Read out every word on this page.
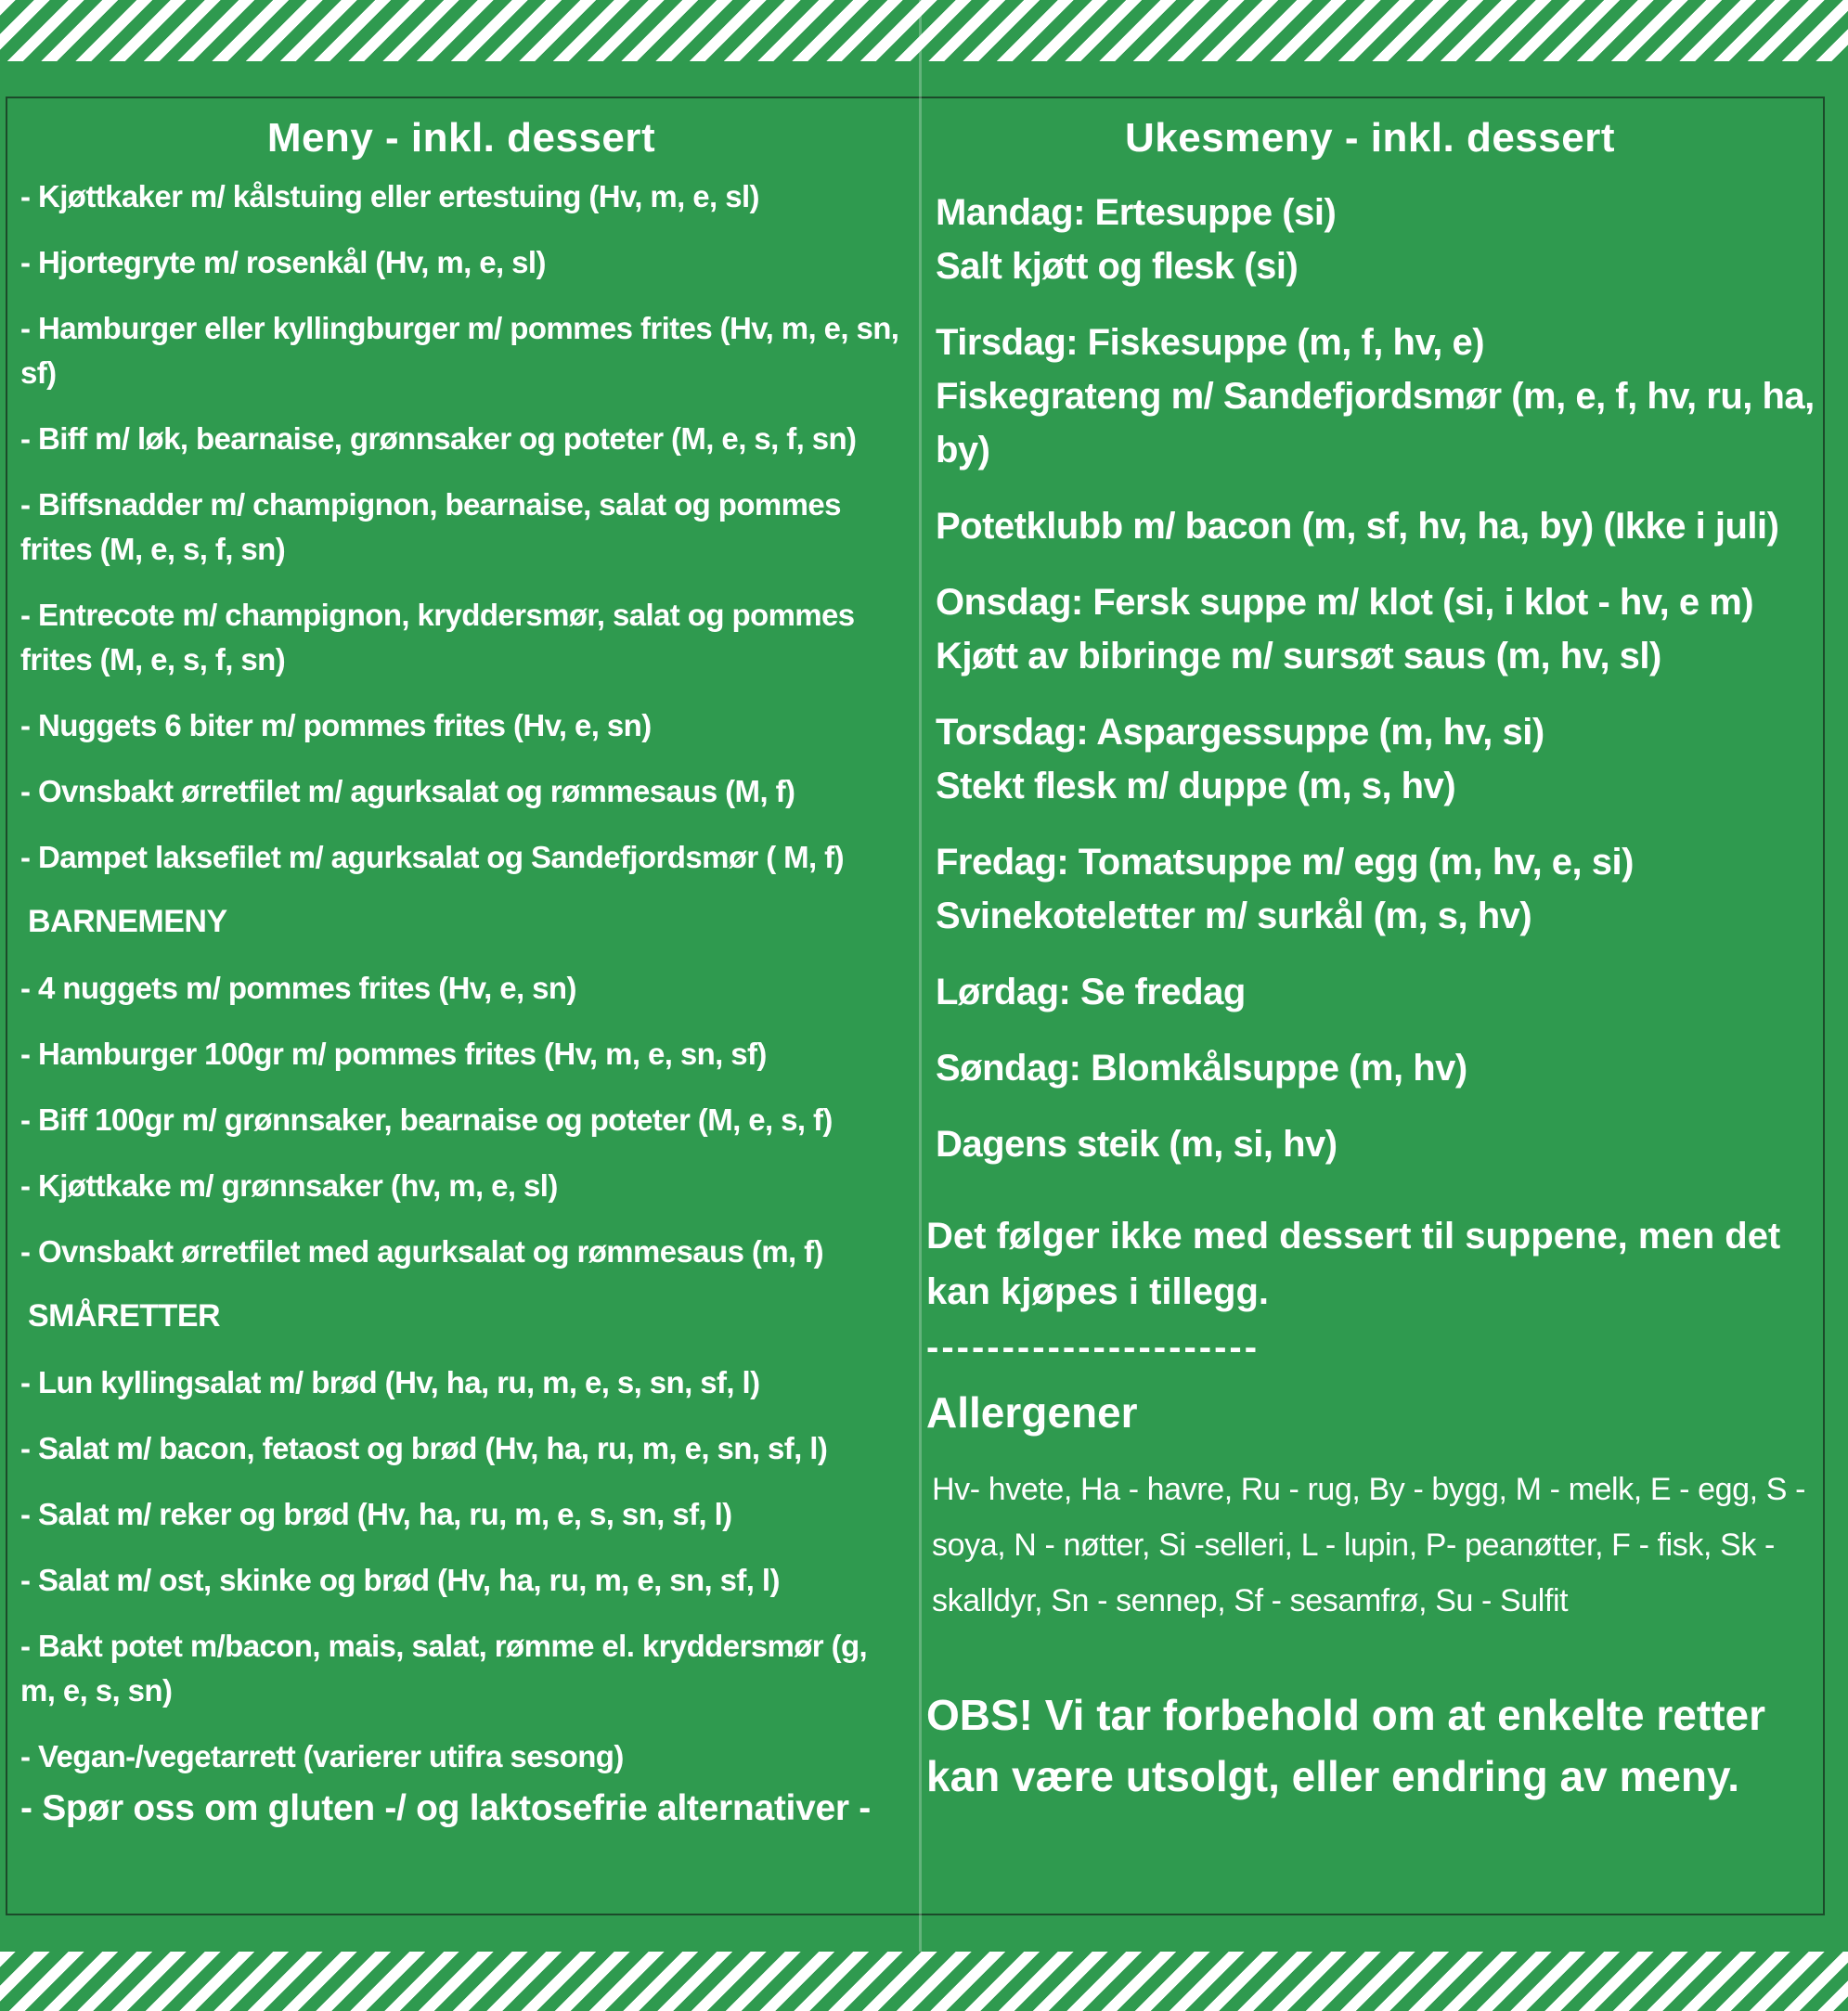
Meny - inkl. dessert
- Kjøttkaker m/ kålstuing eller ertestuing (Hv, m, e, sl)
- Hjortegryte m/ rosenkål (Hv, m, e, sl)
- Hamburger eller kyllingburger m/ pommes frites (Hv, m, e, sn, sf)
- Biff m/ løk, bearnaise, grønnsaker og poteter (M, e, s, f, sn)
- Biffsnadder m/ champignon, bearnaise, salat og pommes frites (M, e, s, f, sn)
- Entrecote m/ champignon, kryddersmør, salat og pommes frites (M, e, s, f, sn)
- Nuggets 6 biter m/ pommes frites (Hv, e, sn)
- Ovnsbakt ørretfilet m/ agurksalat og rømmesaus (M, f)
- Dampet laksefilet m/ agurksalat og Sandefjordsmør ( M, f)
BARNEMENY
- 4 nuggets m/ pommes frites (Hv, e, sn)
- Hamburger 100gr m/ pommes frites (Hv, m, e, sn, sf)
- Biff 100gr m/ grønnsaker, bearnaise og poteter (M, e, s, f)
- Kjøttkake m/ grønnsaker (hv, m, e, sl)
- Ovnsbakt ørretfilet med agurksalat og rømmesaus (m, f)
SMÅRETTER
- Lun kyllingsalat m/ brød (Hv, ha, ru, m, e, s, sn, sf, l)
- Salat m/ bacon, fetaost og brød (Hv, ha, ru, m, e, sn, sf, l)
- Salat m/ reker og brød (Hv, ha, ru, m, e, s, sn, sf, l)
- Salat m/ ost, skinke og brød (Hv, ha, ru, m, e, sn, sf, l)
- Bakt potet m/bacon, mais, salat, rømme el. kryddersmør (g, m, e, s, sn)
- Vegan-/vegetarrett (varierer utifra sesong)
- Spør oss om gluten -/ og laktosefrie alternativer -
Ukesmeny - inkl. dessert
Mandag: Ertesuppe (si)
Salt kjøtt og flesk (si)
Tirsdag: Fiskesuppe (m, f, hv, e)
Fiskegrateng m/ Sandefjordsmør (m, e, f, hv, ru, ha, by)
Potetklubb m/ bacon (m, sf, hv, ha, by) (Ikke i juli)
Onsdag: Fersk suppe m/ klot (si, i klot - hv, e m)
Kjøtt av bibringe m/ sursøt saus (m, hv, sl)
Torsdag: Aspargessuppe (m, hv, si)
Stekt flesk m/ duppe (m, s, hv)
Fredag: Tomatsuppe m/ egg (m, hv, e, si)
Svinekoteletter m/ surkål (m, s, hv)
Lørdag: Se fredag
Søndag: Blomkålsuppe (m, hv)
Dagens steik (m, si, hv)
Det følger ikke med dessert til suppene, men det kan kjøpes i tillegg.
----------------------
Allergener
Hv- hvete, Ha - havre, Ru - rug, By - bygg, M - melk, E - egg, S -soya, N - nøtter, Si -selleri, L - lupin, P- peanøtter, F - fisk, Sk - skalldyr, Sn - sennep, Sf - sesamfrø, Su - Sulfit
OBS! Vi tar forbehold om at enkelte retter kan være utsolgt, eller endring av meny.
